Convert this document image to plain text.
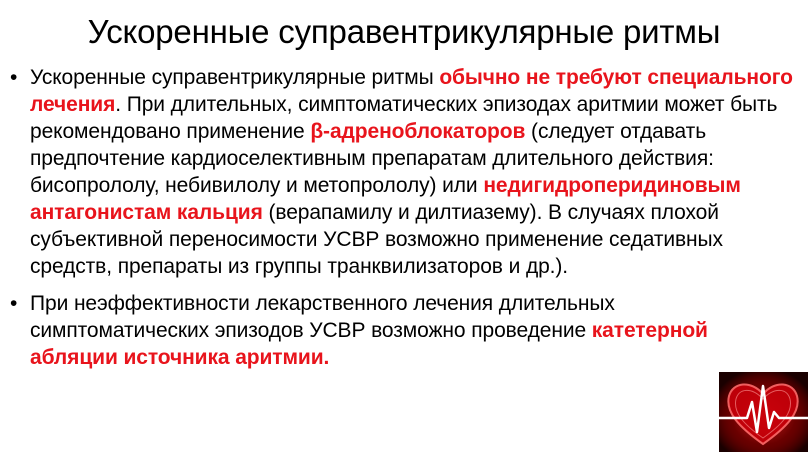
Ускоренные суправентрикулярные ритмы
• Ускоренные суправентрикулярные ритмы обычно не требуют специального лечения. При длительных, симптоматических эпизодах аритмии может быть рекомендовано применение β-адреноблокаторов (следует отдавать предпочтение кардиоселективным препаратам длительного действия: бисопрололу, небивилолу и метопрололу) или недигидроперидиновым антагонистам кальция (верапамилу и дилтиазему). В случаях плохой субъективной переносимости УСВР возможно применение седативных средств, препараты из группы транквилизаторов и др.).
• При неэффективности лекарственного лечения длительных симптоматических эпизодов УСВР возможно проведение катетерной абляции источника аритмии.
